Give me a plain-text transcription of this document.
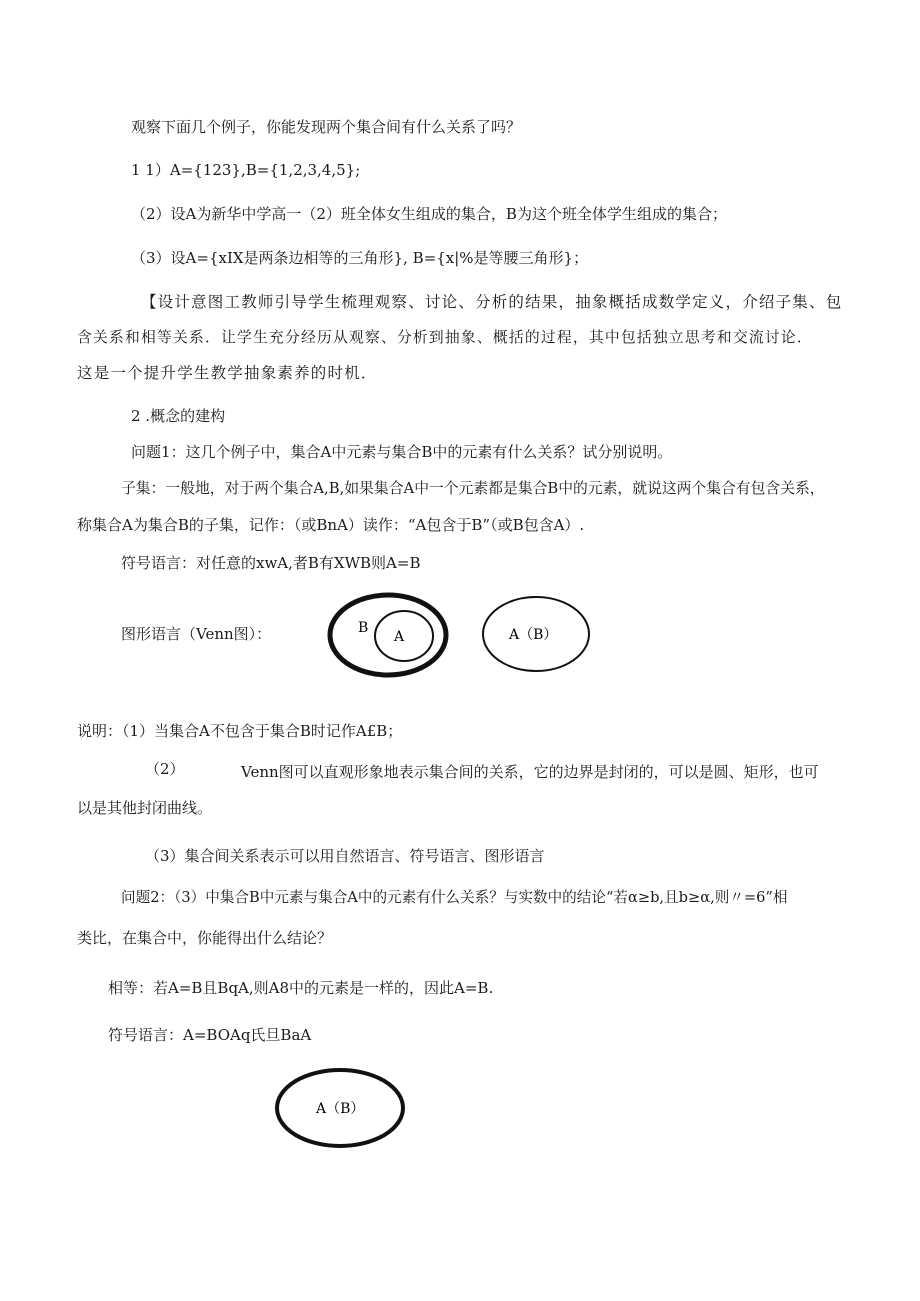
观察下面几个例子，你能发现两个集合间有什么关系了吗？
1 1）A={123},B={1,2,3,4,5};
（2）设A为新华中学高一（2）班全体女生组成的集合，B为这个班全体学生组成的集合；
（3）设A={xIX是两条边相等的三角形}, B={x|%是等腰三角形}；
【设计意图工教师引导学生梳理观察、讨论、分析的结果，抽象概括成数学定义，介绍子集、包
含关系和相等关系．让学生充分经历从观察、分析到抽象、概括的过程，其中包括独立思考和交流讨论．
这是一个提升学生教学抽象素养的时机．
2 .概念的建构
问题1：这几个例子中，集合A中元素与集合B中的元素有什么关系？试分别说明。
子集：一般地，对于两个集合A,B,如果集合A中一个元素都是集合B中的元素，就说这两个集合有包含关系，
称集合A为集合B的子集，记作：（或BnA）读作：“A包含于B”（或B包含A）.
符号语言：对任意的xwA,者B有XWB则A=B
图形语言（Venn图）：	B
A	A（B）
说明：（1）当集合A不包含于集合B时记作A£B；
（2）	Venn图可以直观形象地表示集合间的关系，它的边界是封闭的，可以是圆、矩形，也可
以是其他封闭曲线。
（3）集合间关系表示可以用自然语言、符号语言、图形语言
问题2：（3）中集合B中元素与集合A中的元素有什么关系？与实数中的结论“若α≥b,且b≥α,则〃=6”相
类比，在集合中，你能得出什么结论？
相等：若A=B且BqA,则A8中的元素是一样的，因此A=B.
符号语言：A=BOAq氏旦BaA
A（B）
